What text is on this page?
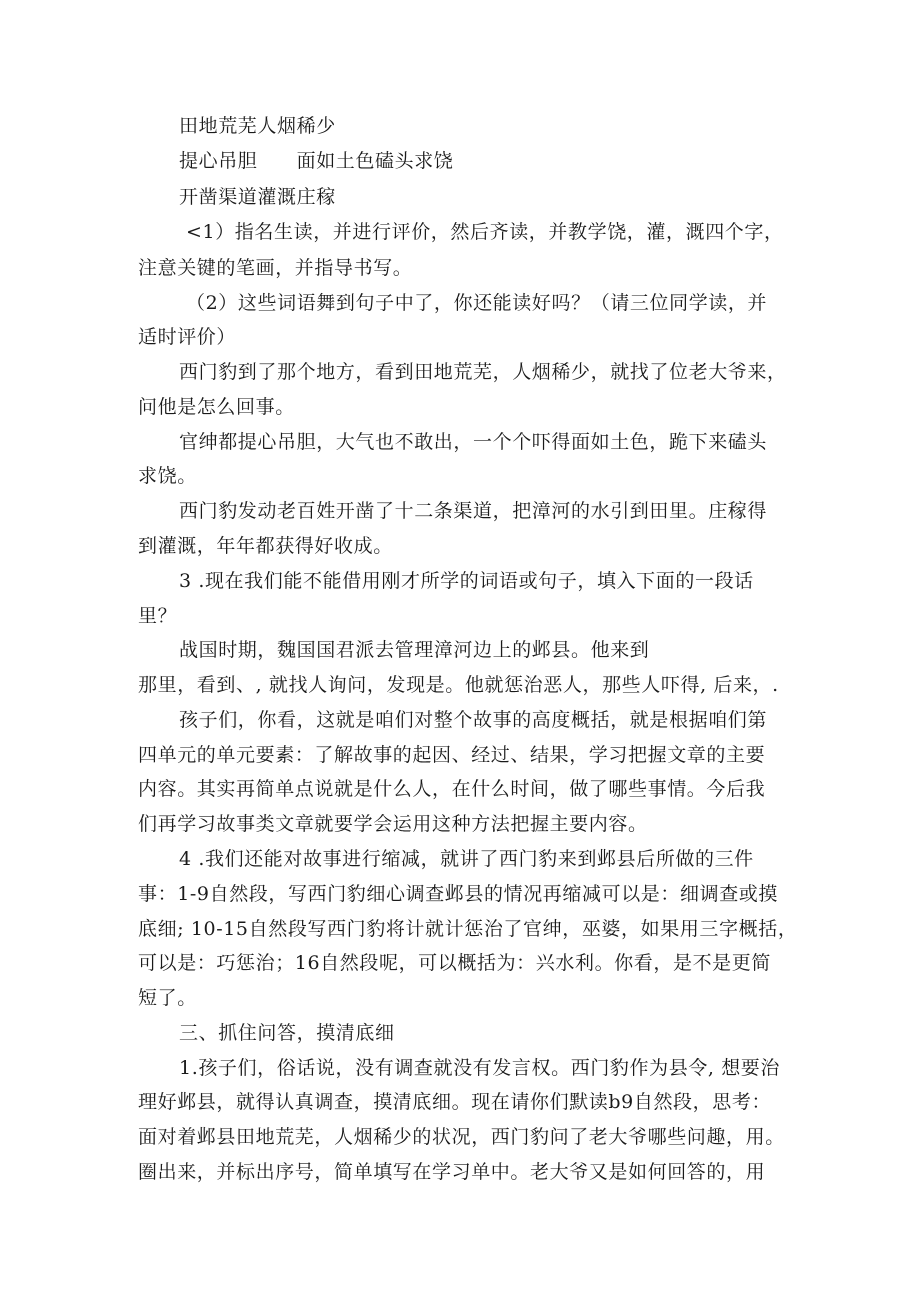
田地荒芜人烟稀少
提心吊胆　　面如土色磕头求饶
开凿渠道灌溉庄稼
<1）指名生读，并进行评价，然后齐读，并教学饶，灌，溉四个字，
注意关键的笔画，并指导书写。
（2）这些词语舞到句子中了，你还能读好吗？（请三位同学读，并
适时评价）
西门豹到了那个地方，看到田地荒芜，人烟稀少，就找了位老大爷来，
问他是怎么回事。
官绅都提心吊胆，大气也不敢出，一个个吓得面如土色，跪下来磕头
求饶。
西门豹发动老百姓开凿了十二条渠道，把漳河的水引到田里。庄稼得
到灌溉，年年都获得好收成。
3 .现在我们能不能借用刚才所学的词语或句子，填入下面的一段话
里？
战国时期，魏国国君派去管理漳河边上的邺县。他来到
那里，看到、, 就找人询问，发现是。他就惩治恶人，那些人吓得, 后来，.
孩子们，你看，这就是咱们对整个故事的高度概括，就是根据咱们第
四单元的单元要素：了解故事的起因、经过、结果，学习把握文章的主要
内容。其实再简单点说就是什么人，在什么时间，做了哪些事情。今后我
们再学习故事类文章就要学会运用这种方法把握主要内容。
4 .我们还能对故事进行缩减，就讲了西门豹来到邺县后所做的三件
事：1-9自然段，写西门豹细心调查邺县的情况再缩减可以是：细调查或摸
底细; 10-15自然段写西门豹将计就计惩治了官绅，巫婆，如果用三字概括，
可以是：巧惩治；16自然段呢，可以概括为：兴水利。你看，是不是更简
短了。
三、抓住问答，摸清底细
1.孩子们，俗话说，没有调查就没有发言权。西门豹作为县令, 想要治
理好邺县，就得认真调查，摸清底细。现在请你们默读b9自然段，思考：
面对着邺县田地荒芜，人烟稀少的状况，西门豹问了老大爷哪些问趣，用。
圈出来，并标出序号，简单填写在学习单中。老大爷又是如何回答的，用
